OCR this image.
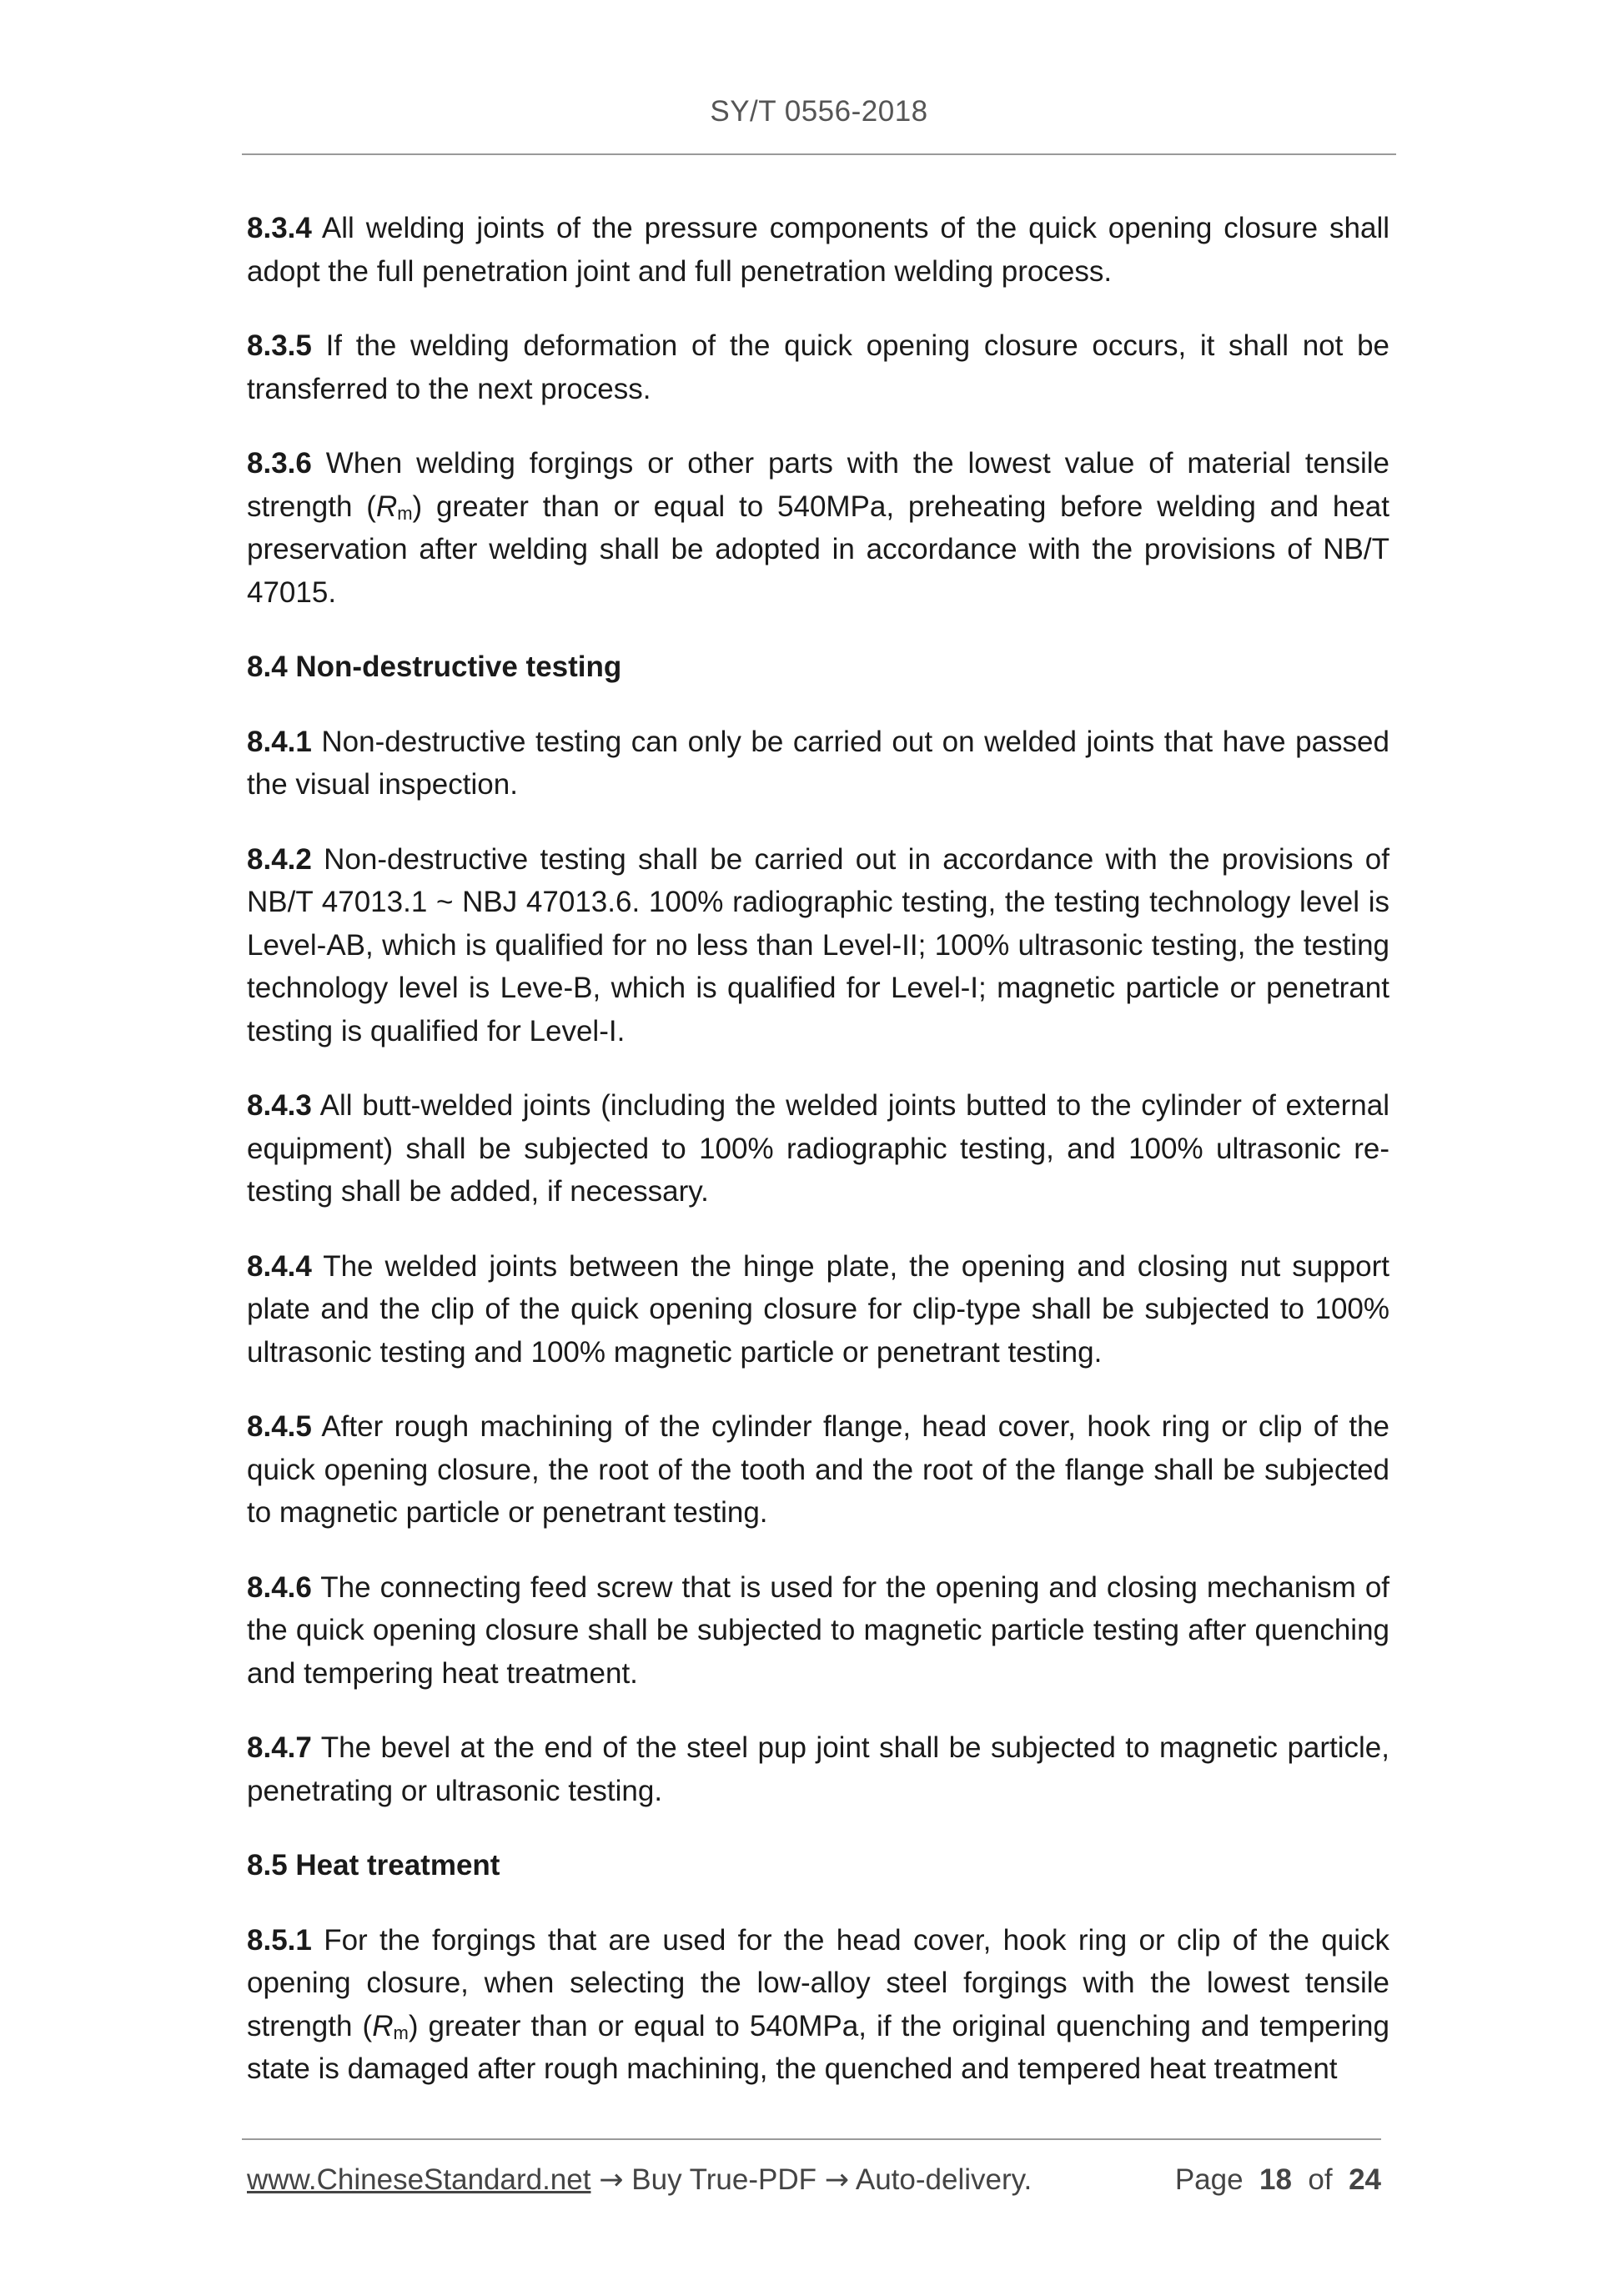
SY/T 0556-2018

8.3.4 All welding joints of the pressure components of the quick opening closure shall adopt the full penetration joint and full penetration welding process.

8.3.5 If the welding deformation of the quick opening closure occurs, it shall not be transferred to the next process.

8.3.6 When welding forgings or other parts with the lowest value of material tensile strength $(R_m)$ greater than or equal to 540MPa, preheating before welding and heat preservation after welding shall be adopted in accordance with the provisions of NB/T 47015.

8.4 Non-destructive testing

8.4.1 Non-destructive testing can only be carried out on welded joints that have passed the visual inspection.

8.4.2 Non-destructive testing shall be carried out in accordance with the provisions of NB/T 47013.1 ~ NBJ 47013.6. 100% radiographic testing, the testing technology level is Level-AB, which is qualified for no less than Level-II; 100% ultrasonic testing, the testing technology level is Leve-B, which is qualified for Level-I; magnetic particle or penetrant testing is qualified for Level-I.

8.4.3 All butt-welded joints (including the welded joints butted to the cylinder of external equipment) shall be subjected to 100% radiographic testing, and 100% ultrasonic re-testing shall be added, if necessary.

8.4.4 The welded joints between the hinge plate, the opening and closing nut support plate and the clip of the quick opening closure for clip-type shall be subjected to 100% ultrasonic testing and 100% magnetic particle or penetrant testing.

8.4.5 After rough machining of the cylinder flange, head cover, hook ring or clip of the quick opening closure, the root of the tooth and the root of the flange shall be subjected to magnetic particle or penetrant testing.

8.4.6 The connecting feed screw that is used for the opening and closing mechanism of the quick opening closure shall be subjected to magnetic particle testing after quenching and tempering heat treatment.

8.4.7 The bevel at the end of the steel pup joint shall be subjected to magnetic particle, penetrating or ultrasonic testing.

8.5 Heat treatment

8.5.1 For the forgings that are used for the head cover, hook ring or clip of the quick opening closure, when selecting the low-alloy steel forgings with the lowest tensile strength $(R_m)$ greater than or equal to 540MPa, if the original quenching and tempering state is damaged after rough machining, the quenched and tempered heat treatment

www.ChineseStandard.net → Buy True-PDF → Auto-delivery.	Page 18 of 24
